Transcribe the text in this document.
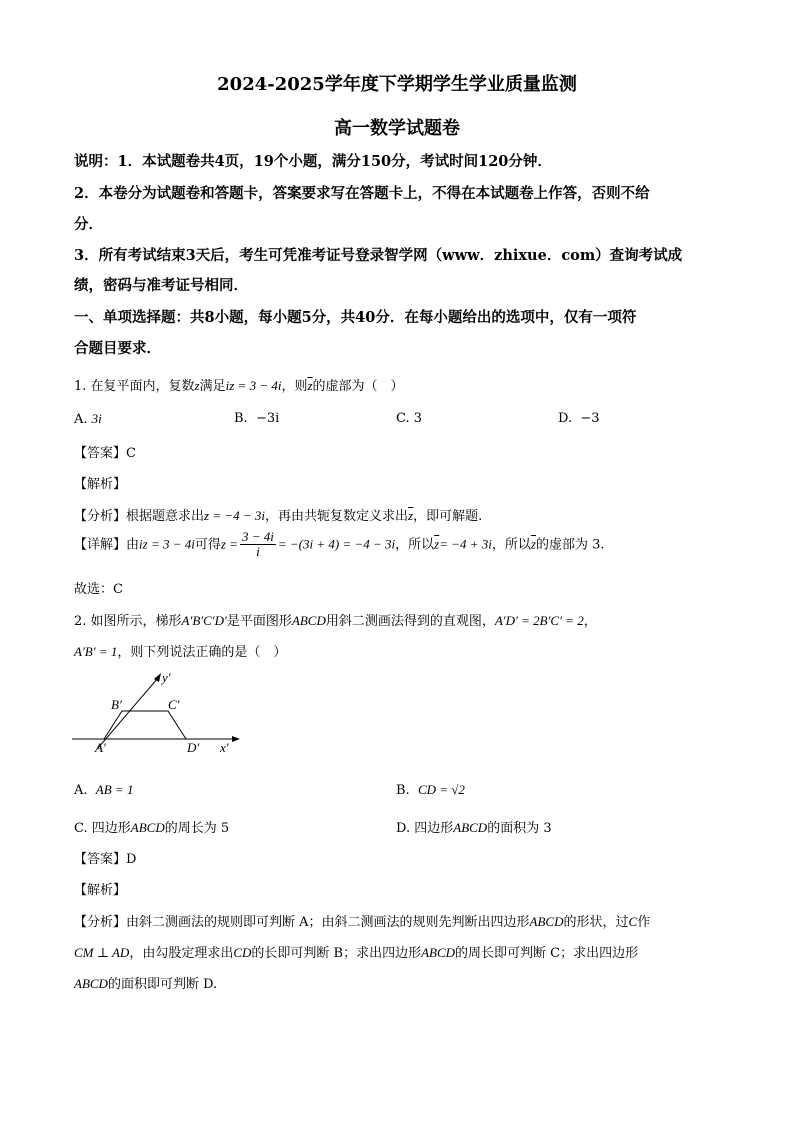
2024-2025学年度下学期学生学业质量监测
高一数学试题卷
说明：1．本试题卷共4页，19个小题，满分150分，考试时间120分钟．
2．本卷分为试题卷和答题卡，答案要求写在答题卡上，不得在本试题卷上作答，否则不给
分．
3．所有考试结束3天后，考生可凭准考证号登录智学网（www．zhixue．com）查询考试成
绩，密码与准考证号相同．
一、单项选择题：共8小题，每小题5分，共40分．在每小题给出的选项中，仅有一项符
合题目要求．
1. 在复平面内，复数z满足iz = 3 − 4i，则$\overline{z}$的虚部为（　）
A. 3i	B. −3i	C. 3	D. −3
【答案】C
【解析】
【分析】根据题意求出z = −4 − 3i，再由共轭复数定义求出$\overline{z}$，即可解题.
【详解】由iz = 3 − 4i可得$z = \frac{3 - 4i}{i} = -(3i + 4) = -4 - 3i$，所以$\overline{z}= -4 + 3i$，所以$\overline{z}$的虚部为 3.
故选：C
2. 如图所示，梯形A′B′C′D′是平面图形ABCD用斜二测画法得到的直观图，A′D′ = 2B′C′ = 2，
A′B′ = 1，则下列说法正确的是（　）
y′
x′
A′
B′	C′
D′
A. AB = 1	B. CD = √2
C. 四边形ABCD的周长为 5	D. 四边形ABCD的面积为 3
【答案】D
【解析】
【分析】由斜二测画法的规则即可判断 A；由斜二测画法的规则先判断出四边形ABCD的形状，过C作
CM ⊥ AD，由勾股定理求出CD的长即可判断 B；求出四边形ABCD的周长即可判断 C；求出四边形
ABCD的面积即可判断 D.
